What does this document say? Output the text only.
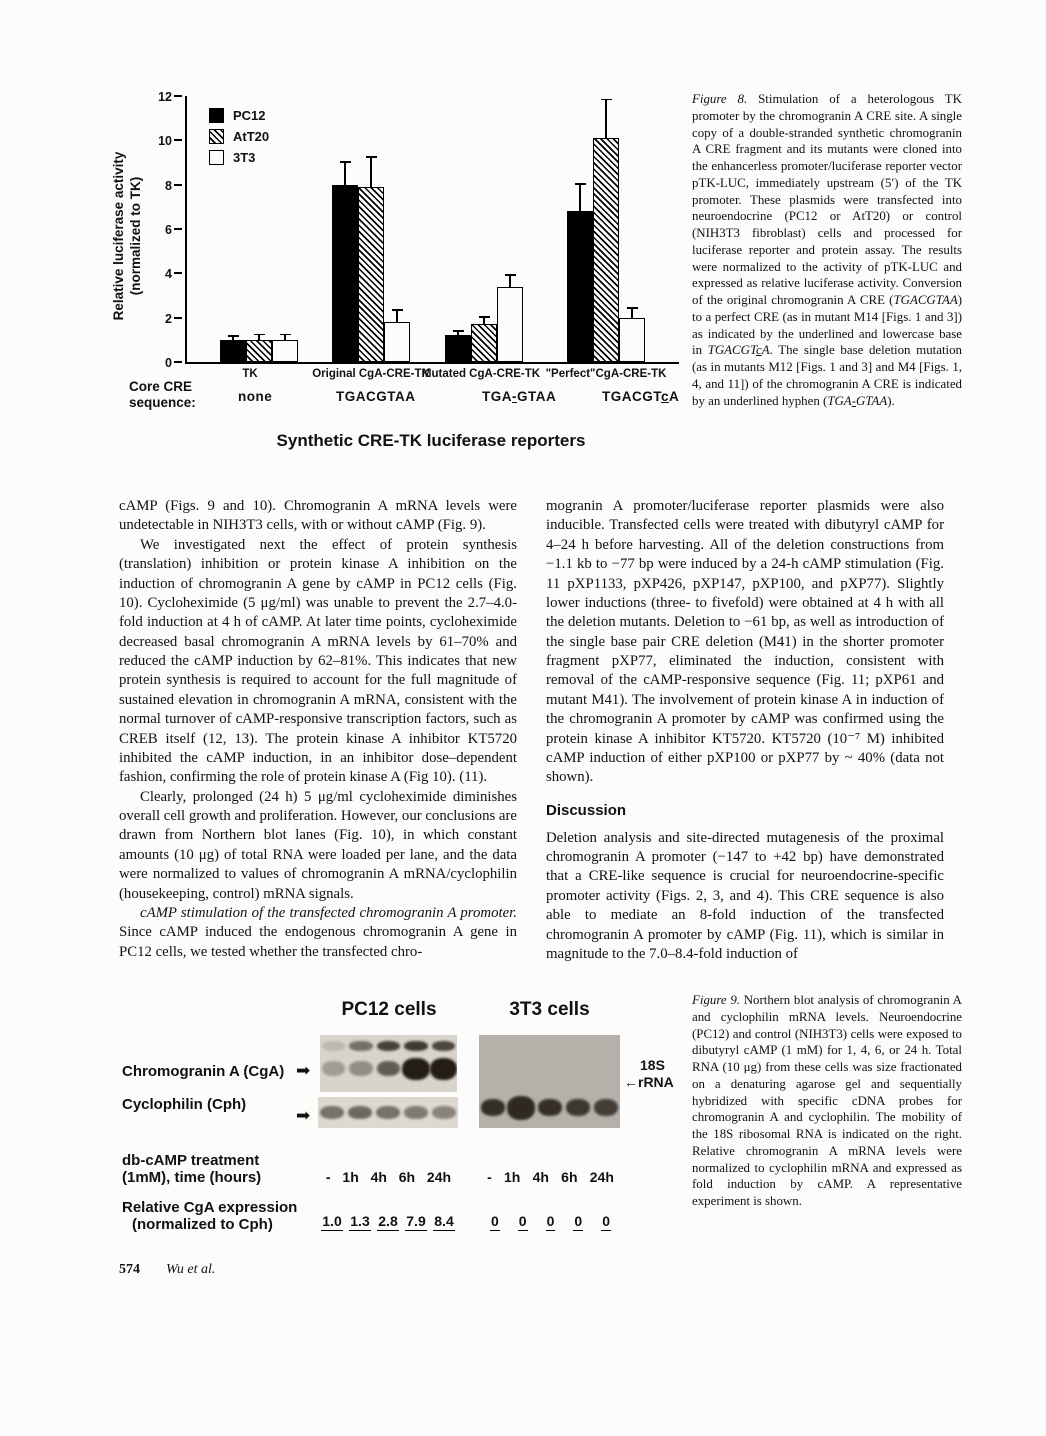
Relative luciferase activity (normalized to TK)
0
2
4
6
8
10
12
PC12
AtT20
3T3
TK	Original CgA-CRE-TK
Mutated CgA-CRE-TK "Perfect"CgA-CRE-TK
Core CRE
sequence:	none	TGACGTAA	TGA-GTAA	TGACGTcA
Synthetic CRE-TK luciferase reporters
Figure 8. Stimulation of a heterologous TK promoter by the chromogranin A CRE site. A single copy of a double-stranded synthetic chromogranin A CRE fragment and its mutants were cloned into the enhancerless promoter/luciferase reporter vector pTK-LUC, immediately upstream (5′) of the TK promoter. These plasmids were transfected into neuroendocrine (PC12 or AtT20) or control (NIH3T3 fibroblast) cells and processed for luciferase reporter and protein assay. The results were normalized to the activity of pTK-LUC and expressed as relative luciferase activity. Conversion of the original chromogranin A CRE (TGACGTAA) to a perfect CRE (as in mutant M14 [Figs. 1 and 3]) as indicated by the underlined and lowercase base in TGACGTcA. The single base deletion mutation (as in mutants M12 [Figs. 1 and 3] and M4 [Figs. 1, 4, and 11]) of the chromogranin A CRE is indicated by an underlined hyphen (TGA-GTAA).

cAMP (Figs. 9 and 10). Chromogranin A mRNA levels were undetectable in NIH3T3 cells, with or without cAMP (Fig. 9).

We investigated next the effect of protein synthesis (translation) inhibition or protein kinase A inhibition on the induction of chromogranin A gene by cAMP in PC12 cells (Fig. 10). Cycloheximide (5 μg/ml) was unable to prevent the 2.7–4.0-fold induction at 4 h of cAMP. At later time points, cycloheximide decreased basal chromogranin A mRNA levels by 61–70% and reduced the cAMP induction by 62–81%. This indicates that new protein synthesis is required to account for the full magnitude of sustained elevation in chromogranin A mRNA, consistent with the normal turnover of cAMP-responsive transcription factors, such as CREB itself (12, 13). The protein kinase A inhibitor KT5720 inhibited the cAMP induction, in an inhibitor dose–dependent fashion, confirming the role of protein kinase A (Fig 10). (11).

Clearly, prolonged (24 h) 5 μg/ml cycloheximide diminishes overall cell growth and proliferation. However, our conclusions are drawn from Northern blot lanes (Fig. 10), in which constant amounts (10 μg) of total RNA were loaded per lane, and the data were normalized to values of chromogranin A mRNA/cyclophilin (housekeeping, control) mRNA signals.

cAMP stimulation of the transfected chromogranin A promoter. Since cAMP induced the endogenous chromogranin A gene in PC12 cells, we tested whether the transfected chro-

mogranin A promoter/luciferase reporter plasmids were also inducible. Transfected cells were treated with dibutyryl cAMP for 4–24 h before harvesting. All of the deletion constructions from −1.1 kb to −77 bp were induced by a 24-h cAMP stimulation (Fig. 11 pXP1133, pXP426, pXP147, pXP100, and pXP77). Slightly lower inductions (three- to fivefold) were obtained at 4 h with all the deletion mutants. Deletion to −61 bp, as well as introduction of the single base pair CRE deletion (M41) in the shorter promoter fragment pXP77, eliminated the induction, consistent with removal of the cAMP-responsive sequence (Fig. 11; pXP61 and mutant M41). The involvement of protein kinase A in induction of the chromogranin A promoter by cAMP was confirmed using the protein kinase A inhibitor KT5720. KT5720 (10⁻⁷ M) inhibited cAMP induction of either pXP100 or pXP77 by ~ 40% (data not shown).

Discussion

Deletion analysis and site-directed mutagenesis of the proximal chromogranin A promoter (−147 to +42 bp) have demonstrated that a CRE-like sequence is crucial for neuroendocrine-specific promoter activity (Figs. 2, 3, and 4). This CRE sequence is also able to mediate an 8-fold induction of the transfected chromogranin A promoter by cAMP (Fig. 11), which is similar in magnitude to the 7.0–8.4-fold induction of

PC12 cells	3T3 cells
Chromogranin A (CgA) ➡
Cyclophilin (Cph)
➡
18S
←rRNA
db-cAMP treatment
(1mM), time (hours)	- 1h 4h 6h 24h	- 1h 4h 6h 24h
Relative CgA expression
(normalized to Cph)	1.0 1.3 2.8 7.9 8.4	0 0 0 0 0
Figure 9. Northern blot analysis of chromogranin A and cyclophilin mRNA levels. Neuroendocrine (PC12) and control (NIH3T3) cells were exposed to dibutyryl cAMP (1 mM) for 1, 4, 6, or 24 h. Total RNA (10 μg) from these cells was size fractionated on a denaturing agarose gel and sequentially hybridized with specific cDNA probes for chromogranin A and cyclophilin. The mobility of the 18S ribosomal RNA is indicated on the right. Relative chromogranin A mRNA levels were normalized to cyclophilin mRNA and expressed as fold induction by cAMP. A representative experiment is shown.
574 Wu et al.
